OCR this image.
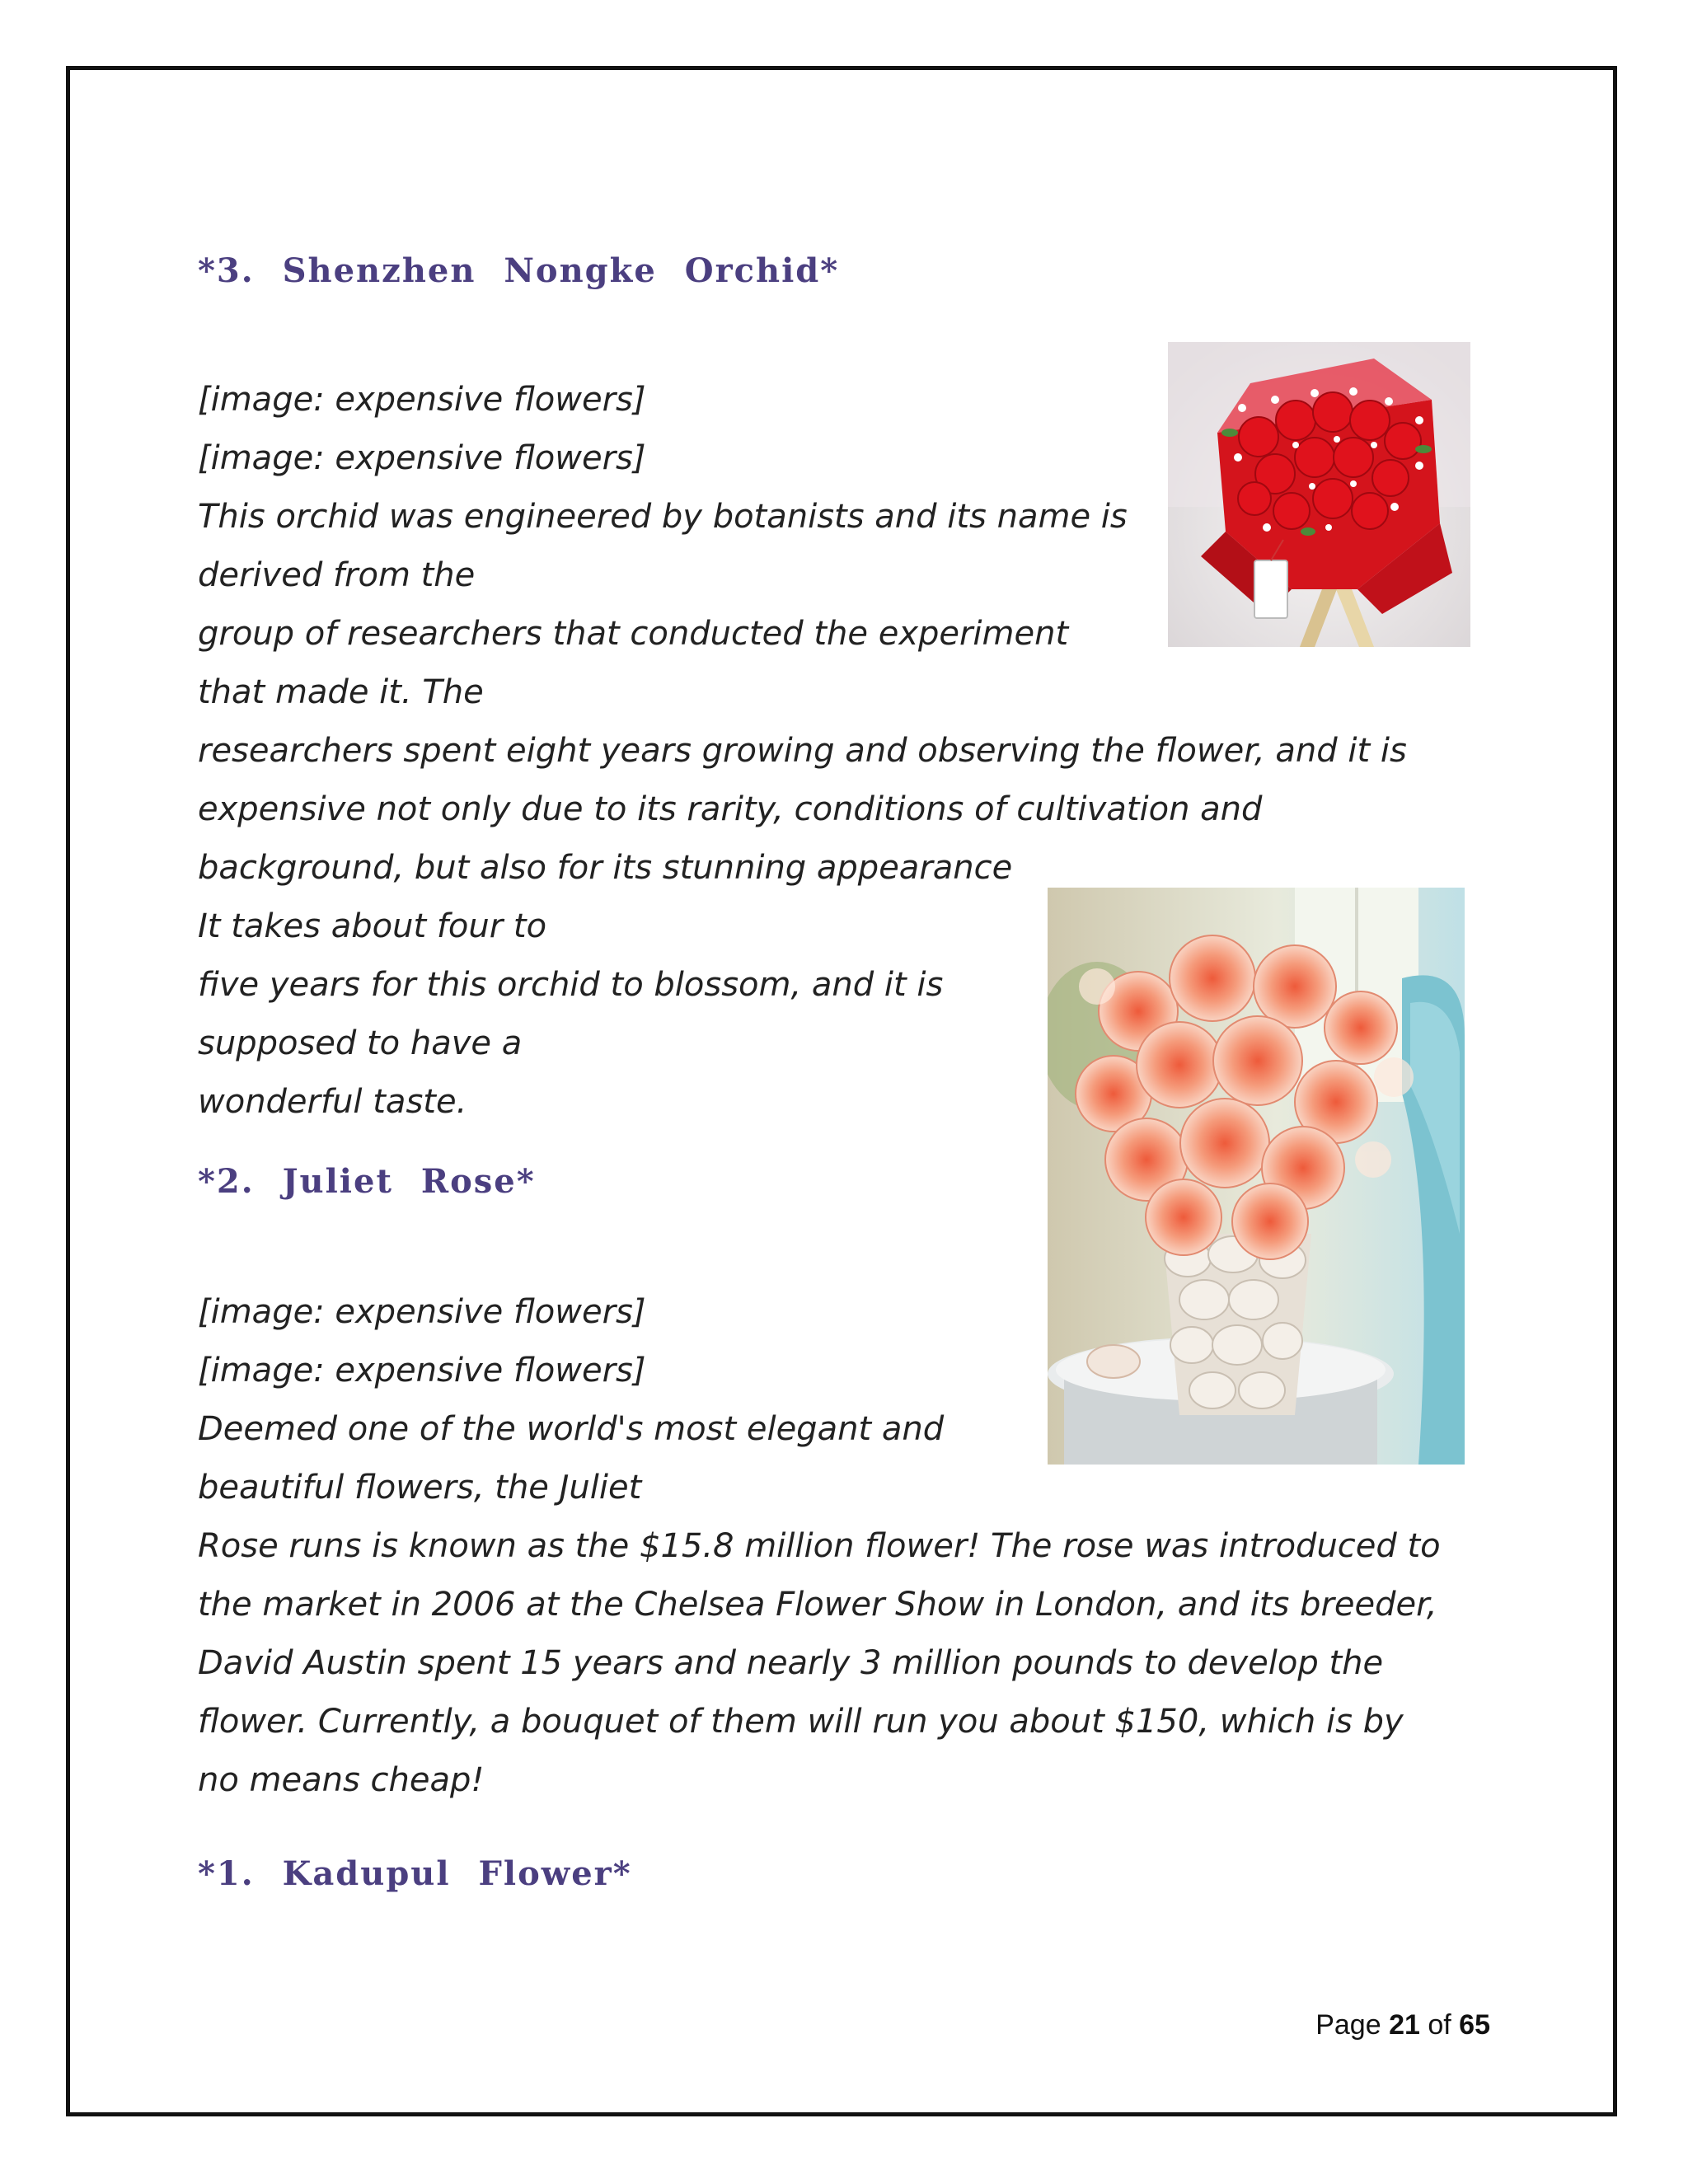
*3. Shenzhen Nongke Orchid*
[image: expensive flowers]
[image: expensive flowers]
This orchid was engineered by botanists and its name is
derived from the
group of researchers that conducted the experiment
that made it. The
researchers spent eight years growing and observing the flower, and it is
expensive not only due to its rarity, conditions of cultivation and
background, but also for its stunning appearance
It takes about four to
five years for this orchid to blossom, and it is
supposed to have a
wonderful taste.
*2. Juliet Rose*
[image: expensive flowers]
[image: expensive flowers]
Deemed one of the world's most elegant and
beautiful flowers, the Juliet
Rose runs is known as the $15.8 million flower! The rose was introduced to
the market in 2006 at the Chelsea Flower Show in London, and its breeder,
David Austin spent 15 years and nearly 3 million pounds to develop the
flower. Currently, a bouquet of them will run you about $150, which is by
no means cheap!
*1. Kadupul Flower*
Page 21 of 65
